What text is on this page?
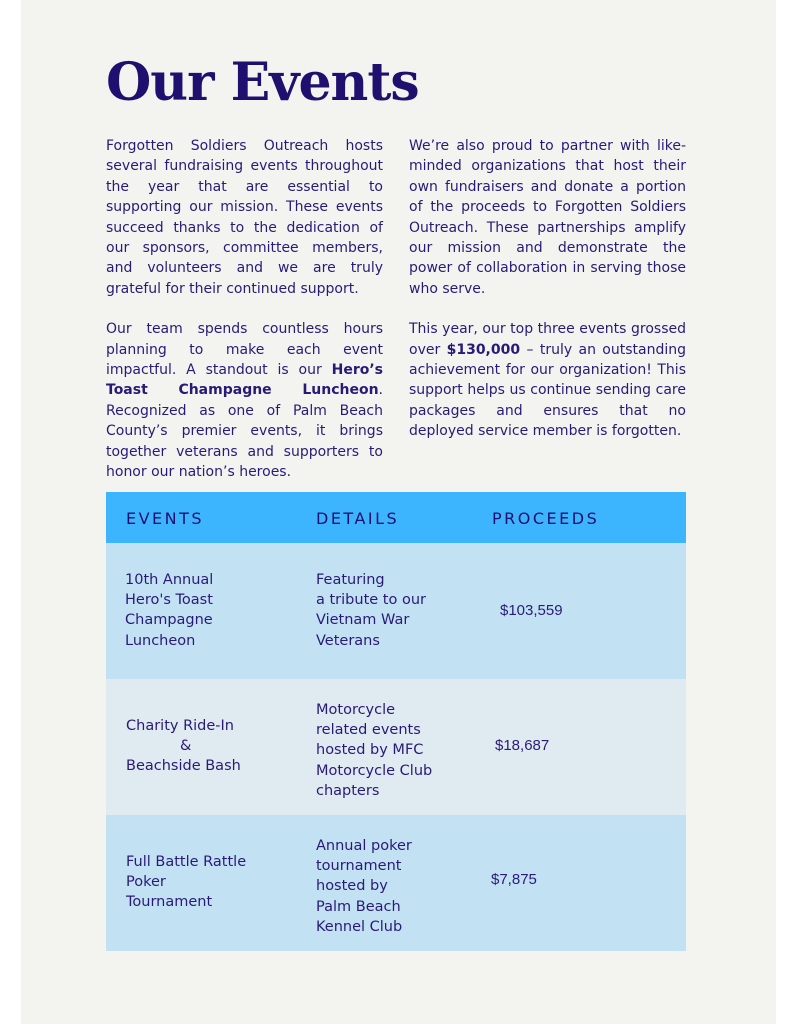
Our Events

Forgotten Soldiers Outreach hosts several fundraising events throughout the year that are essential to supporting our mission. These events succeed thanks to the dedication of our sponsors, committee members, and volunteers and we are truly grateful for their continued support.

Our team spends countless hours planning to make each event impactful. A standout is our Hero’s Toast Champagne Luncheon. Recognized as one of Palm Beach County’s premier events, it brings together veterans and supporters to honor our nation’s heroes.

We’re also proud to partner with like-minded organizations that host their own fundraisers and donate a portion of the proceeds to Forgotten Soldiers Outreach. These partnerships amplify our mission and demonstrate the power of collaboration in serving those who serve.

This year, our top three events grossed over $130,000 – truly an outstanding achievement for our organization! This support helps us continue sending care packages and ensures that no deployed service member is forgotten.

EVENTS	DETAILS	PROCEEDS
10th Annual
Hero's Toast
Champagne
Luncheon
Featuring
a tribute to our
Vietnam War
Veterans
$103,559
Charity Ride-In
&
Beachside Bash
Motorcycle
related events
hosted by MFC
Motorcycle Club
chapters
$18,687
Full Battle Rattle
Poker
Tournament
Annual poker
tournament
hosted by
Palm Beach
Kennel Club
$7,875
